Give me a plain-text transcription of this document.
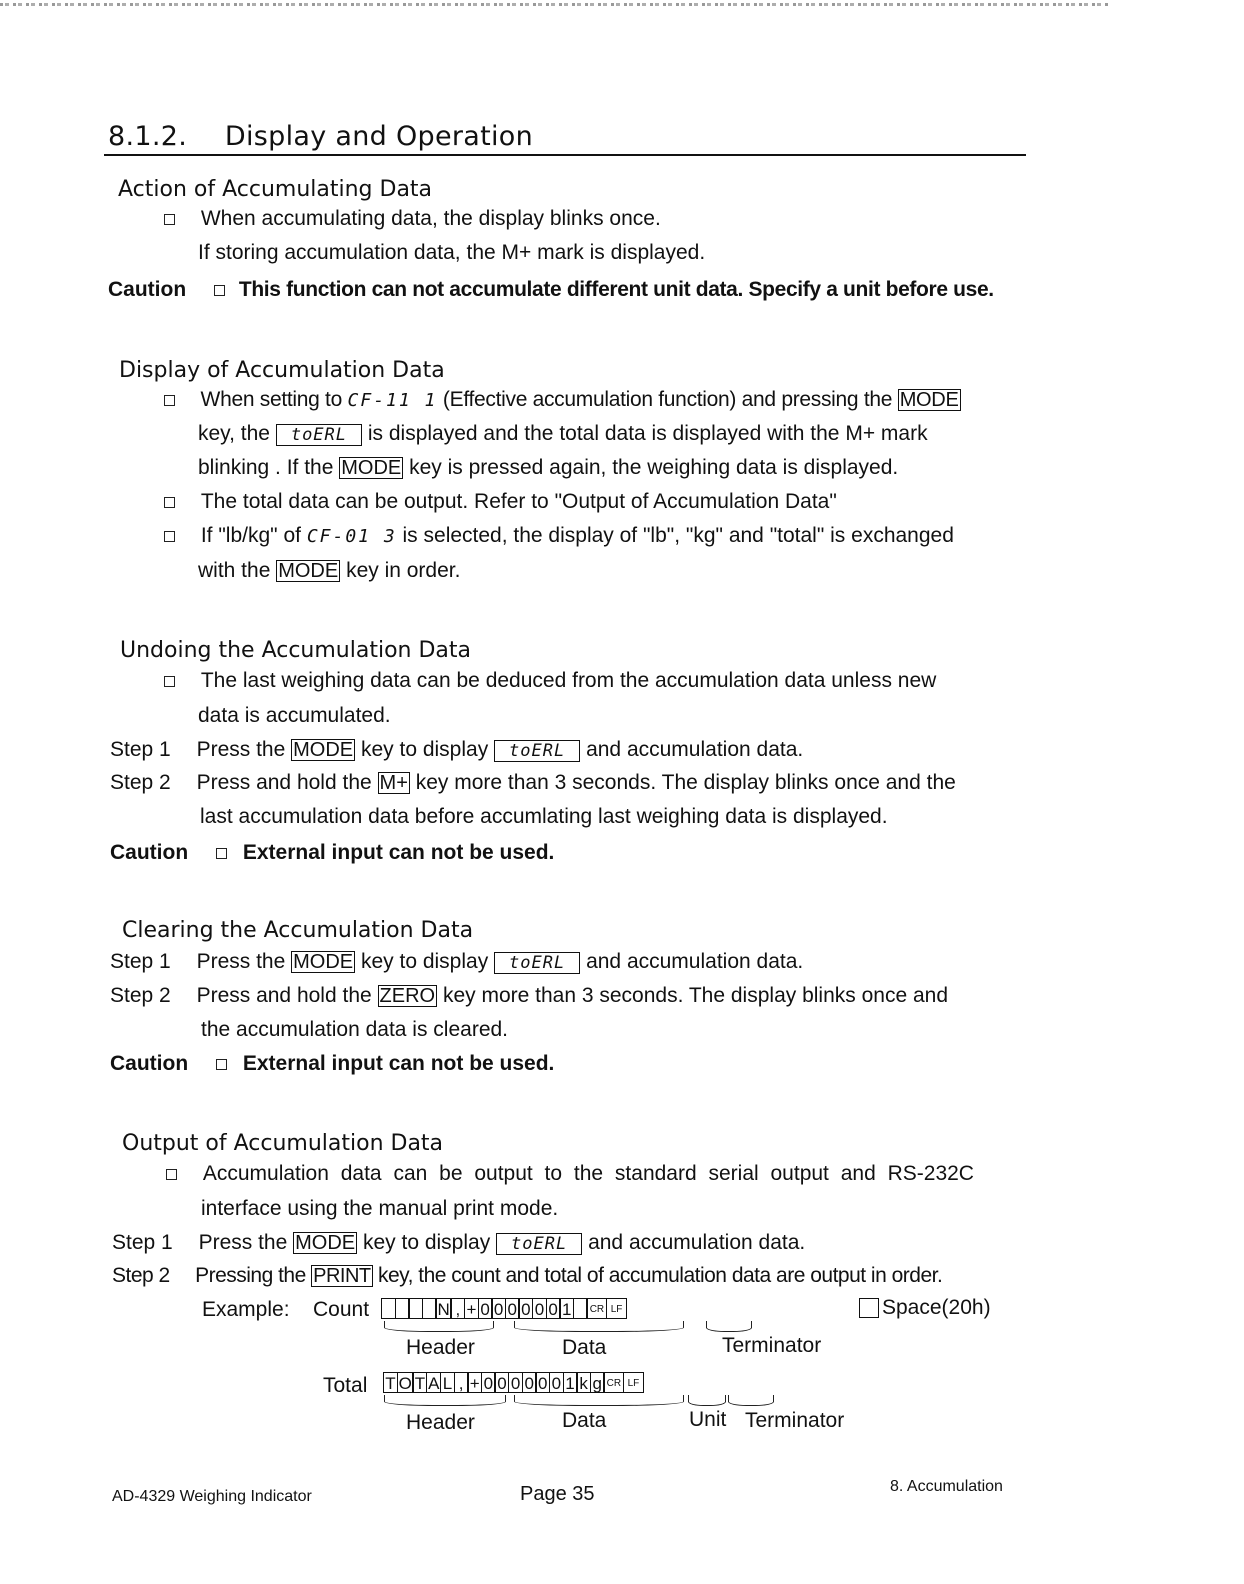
8.1.2. Display and Operation
Action of Accumulating Data
When accumulating data, the display blinks once.
If storing accumulation data, the M+ mark is displayed.
Caution	This function can not accumulate different unit data. Specify a unit before use.
Display of Accumulation Data
When setting to CF-11 1 (Effective accumulation function) and pressing the MODE
key, the toERL is displayed and the total data is displayed with the M+ mark
blinking . If the MODE key is pressed again, the weighing data is displayed.
The total data can be output. Refer to "Output of Accumulation Data"
If "lb/kg" of CF-01 3 is selected, the display of "lb", "kg" and "total" is exchanged
with the MODE key in order.
Undoing the Accumulation Data
The last weighing data can be deduced from the accumulation data unless new
data is accumulated.
Step 1 Press the MODE key to display toERL and accumulation data.
Step 2 Press and hold the M+ key more than 3 seconds. The display blinks once and the
last accumulation data before accumlating last weighing data is displayed.
Caution	External input can not be used.
Clearing the Accumulation Data
Step 1 Press the MODE key to display toERL and accumulation data.
Step 2 Press and hold the ZERO key more than 3 seconds. The display blinks once and
the accumulation data is cleared.
Caution	External input can not be used.
Output of Accumulation Data
Accumulation data can be output to the standard serial output and RS-232C
interface using the manual print mode.
Step 1 Press the MODE key to display toERL and accumulation data.
Step 2 Pressing the PRINT key, the count and total of accumulation data are output in order.
Example: Count	N , + 0 0 0 0 0 0 1	CR LF	Space(20h)
Header	Data	Terminator
Total T O T A L , + 0 0 0 0 0 0 1 k g CR LF
Header	Data	Unit Terminator
AD-4329 Weighing Indicator	Page 35	8. Accumulation
